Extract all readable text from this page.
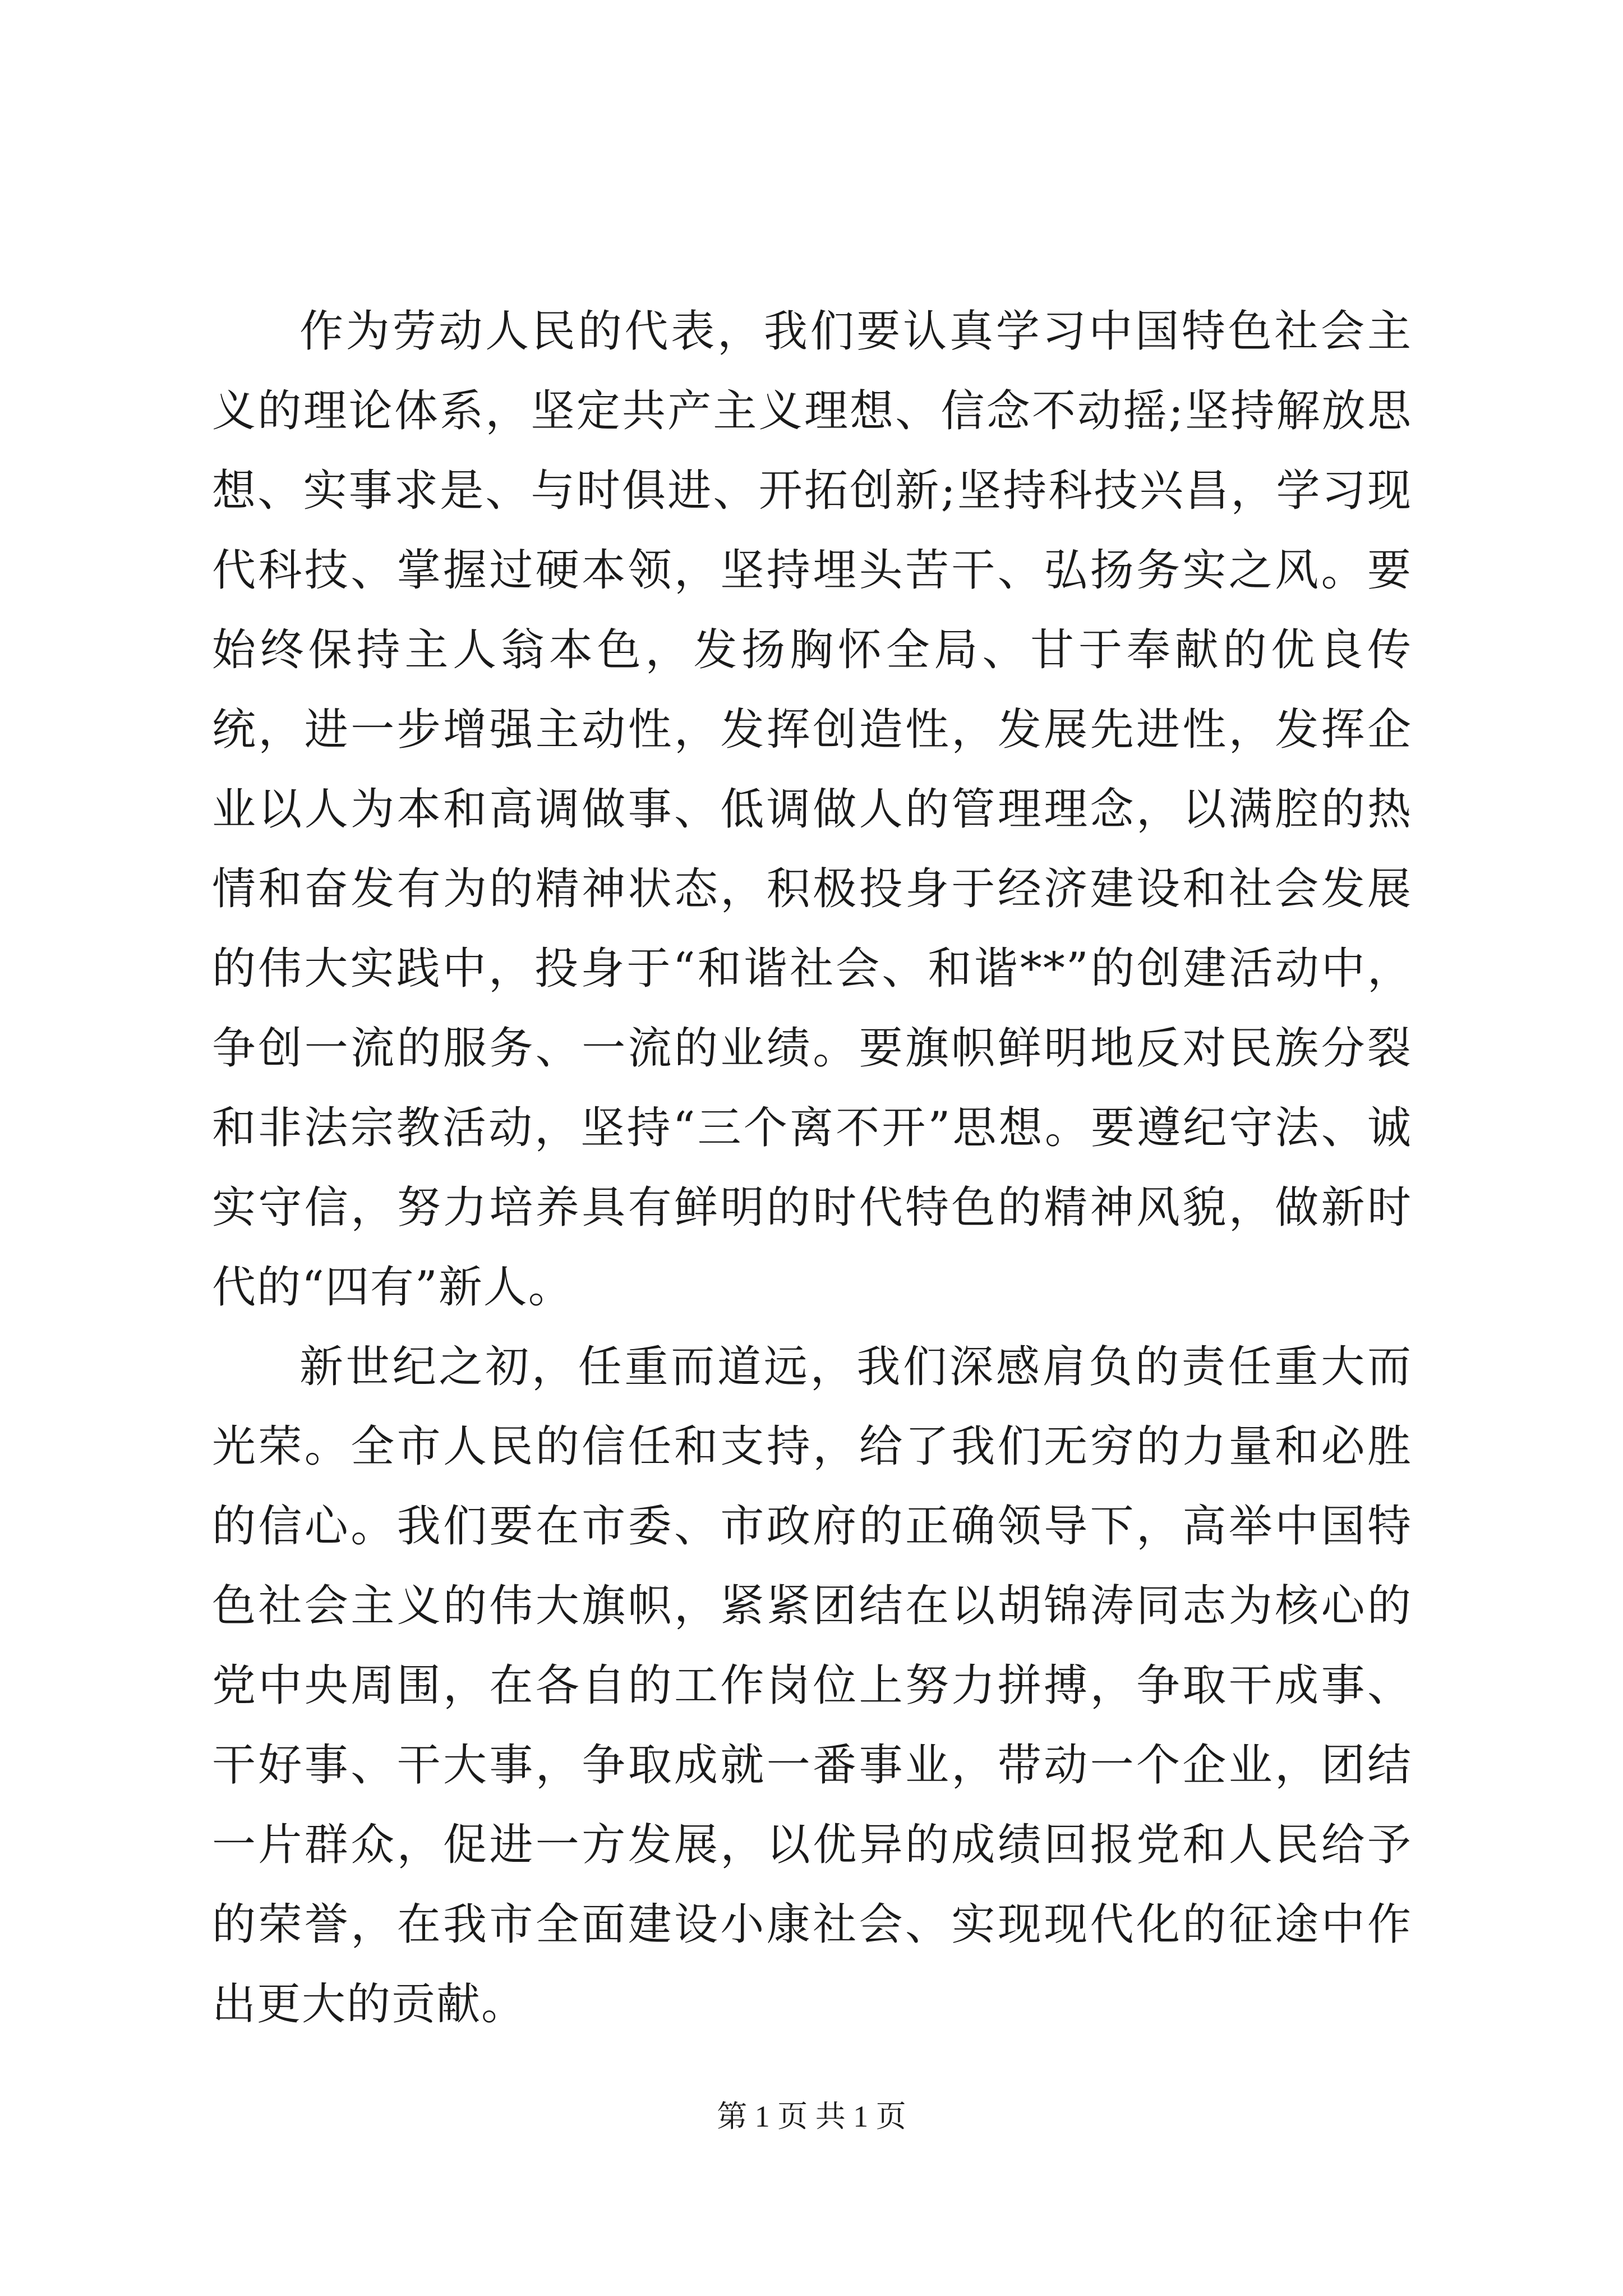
作为劳动人民的代表，我们要认真学习中国特色社会主义的理论体系，坚定共产主义理想、信念不动摇;坚持解放思想、实事求是、与时俱进、开拓创新;坚持科技兴昌，学习现代科技、掌握过硬本领，坚持埋头苦干、弘扬务实之风。要始终保持主人翁本色，发扬胸怀全局、甘于奉献的优良传统，进一步增强主动性，发挥创造性，发展先进性，发挥企业以人为本和高调做事、低调做人的管理理念，以满腔的热情和奋发有为的精神状态，积极投身于经济建设和社会发展的伟大实践中，投身于“和谐社会、和谐**”的创建活动中，争创一流的服务、一流的业绩。要旗帜鲜明地反对民族分裂和非法宗教活动，坚持“三个离不开”思想。要遵纪守法、诚实守信，努力培养具有鲜明的时代特色的精神风貌，做新时代的“四有”新人。

新世纪之初，任重而道远，我们深感肩负的责任重大而光荣。全市人民的信任和支持，给了我们无穷的力量和必胜的信心。我们要在市委、市政府的正确领导下，高举中国特色社会主义的伟大旗帜，紧紧团结在以胡锦涛同志为核心的党中央周围，在各自的工作岗位上努力拼搏，争取干成事、干好事、干大事，争取成就一番事业，带动一个企业，团结一片群众，促进一方发展，以优异的成绩回报党和人民给予的荣誉，在我市全面建设小康社会、实现现代化的征途中作出更大的贡献。

第 1 页 共 1 页
